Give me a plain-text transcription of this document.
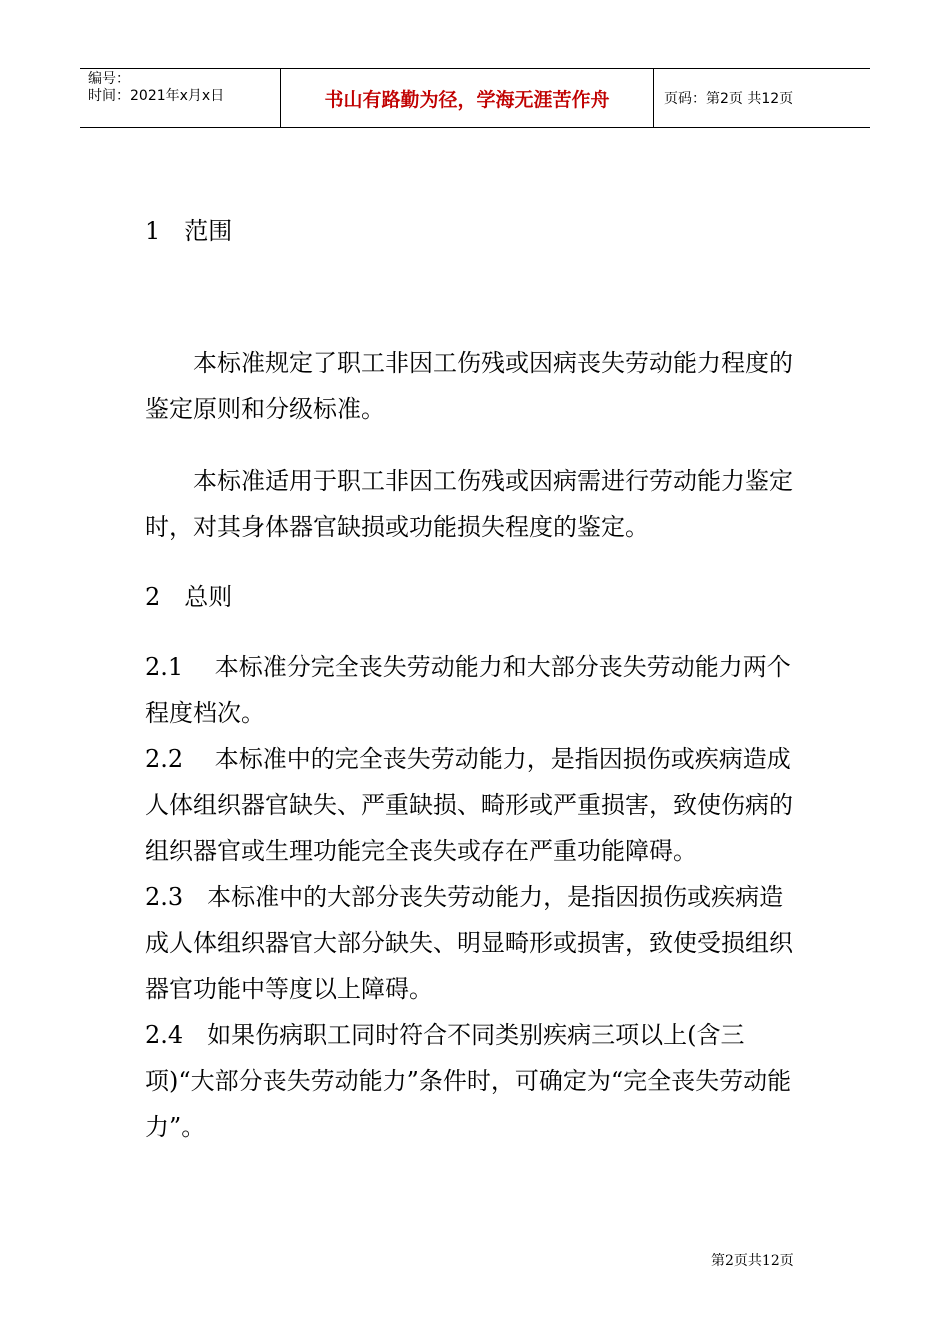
编号：
时间：2021年x月x日	书山有路勤为径，学海无涯苦作舟	页码：第2页 共12页

1　范围

本标准规定了职工非因工伤残或因病丧失劳动能力程度的鉴定原则和分级标准。

本标准适用于职工非因工伤残或因病需进行劳动能力鉴定时，对其身体器官缺损或功能损失程度的鉴定。

2　总则

2.1　 本标准分完全丧失劳动能力和大部分丧失劳动能力两个程度档次。

2.2　 本标准中的完全丧失劳动能力，是指因损伤或疾病造成人体组织器官缺失、严重缺损、畸形或严重损害，致使伤病的组织器官或生理功能完全丧失或存在严重功能障碍。

2.3　本标准中的大部分丧失劳动能力，是指因损伤或疾病造成人体组织器官大部分缺失、明显畸形或损害，致使受损组织器官功能中等度以上障碍。

2.4　如果伤病职工同时符合不同类别疾病三项以上(含三项)“大部分丧失劳动能力”条件时，可确定为“完全丧失劳动能力”。

第2页共12页
